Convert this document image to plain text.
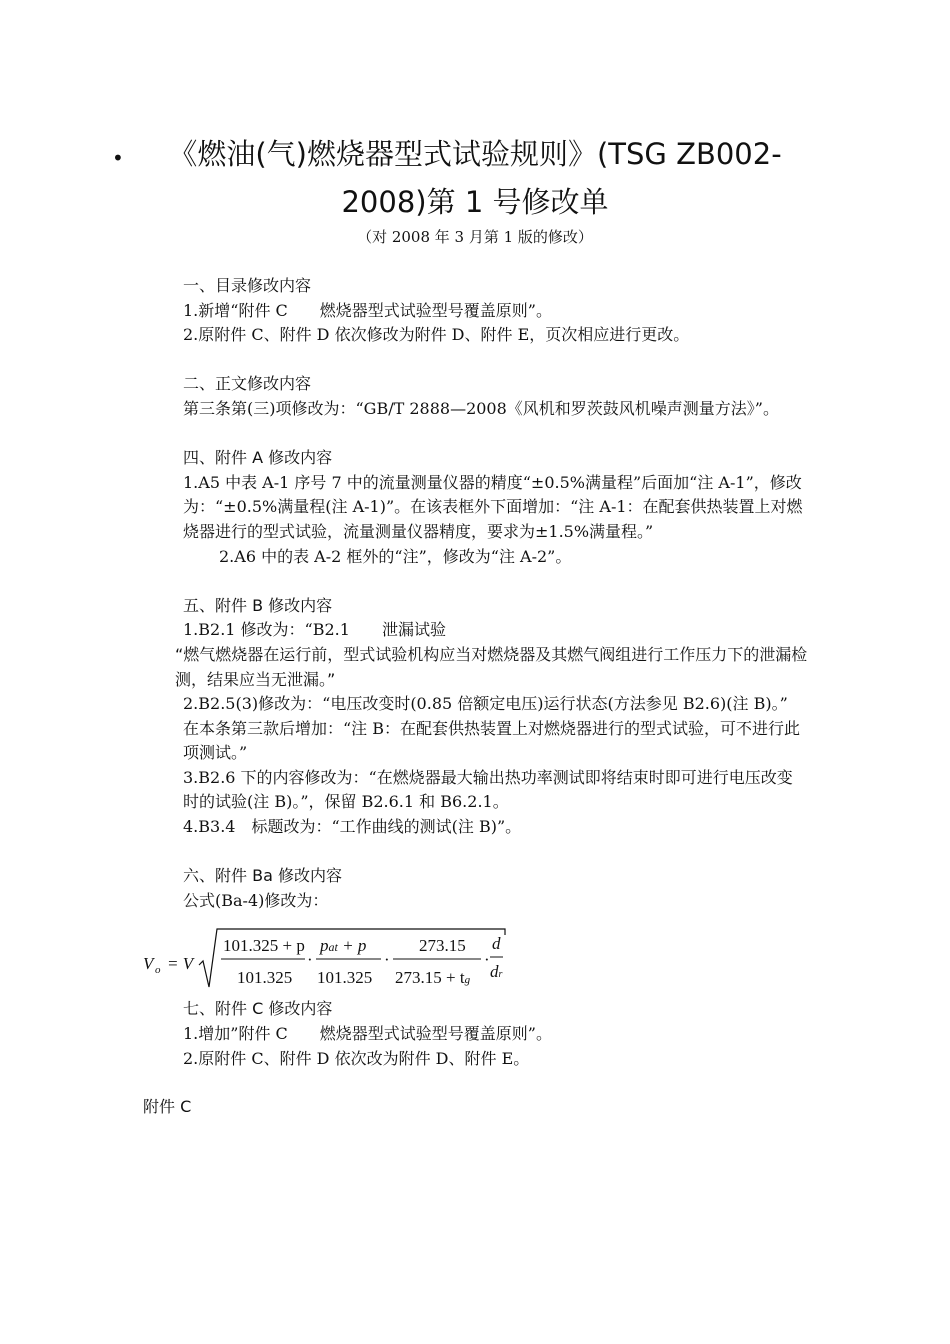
•	《燃油(气)燃烧器型式试验规则》(TSG ZB002-
2008)第 1 号修改单
（对 2008 年 3 月第 1 版的修改）

一、目录修改内容

1.新增“附件 C　　燃烧器型式试验型号覆盖原则”。

2.原附件 C、附件 D 依次修改为附件 D、附件 E，页次相应进行更改。

二、正文修改内容

第三条第(三)项修改为：“GB/T 2888—2008《风机和罗茨鼓风机噪声测量方法》”。

四、附件 A 修改内容

1.A5 中表 A-1 序号 7 中的流量测量仪器的精度“±0.5%满量程”后面加“注 A-1”，修改为：“±0.5%满量程(注 A-1)”。在该表框外下面增加：“注 A-1：在配套供热装置上对燃烧器进行的型式试验，流量测量仪器精度，要求为±1.5%满量程。”

2.A6 中的表 A-2 框外的“注”，修改为“注 A-2”。

五、附件 B 修改内容

1.B2.1 修改为：“B2.1　　泄漏试验

“燃气燃烧器在运行前，型式试验机构应当对燃烧器及其燃气阀组进行工作压力下的泄漏检测，结果应当无泄漏。”

2.B2.5(3)修改为：“电压改变时(0.85 倍额定电压)运行状态(方法参见 B2.6)(注 B)。”

在本条第三款后增加：“注 B：在配套供热装置上对燃烧器进行的型式试验，可不进行此项测试。”

3.B2.6 下的内容修改为：“在燃烧器最大输出热功率测试即将结束时即可进行电压改变时的试验(注 B)。”，保留 B2.6.1 和 B6.2.1。

4.B3.4　标题改为：“工作曲线的测试(注 B)”。

六、附件 Ba 修改内容

公式(Ba-4)修改为：

V o = V
101.325 + p
101.325
·
pat + p
101.325
·
273.15
273.15 + tg
·
d
dr

七、附件 C 修改内容

1.增加”附件 C　　燃烧器型式试验型号覆盖原则”。

2.原附件 C、附件 D 依次改为附件 D、附件 E。

附件 C
